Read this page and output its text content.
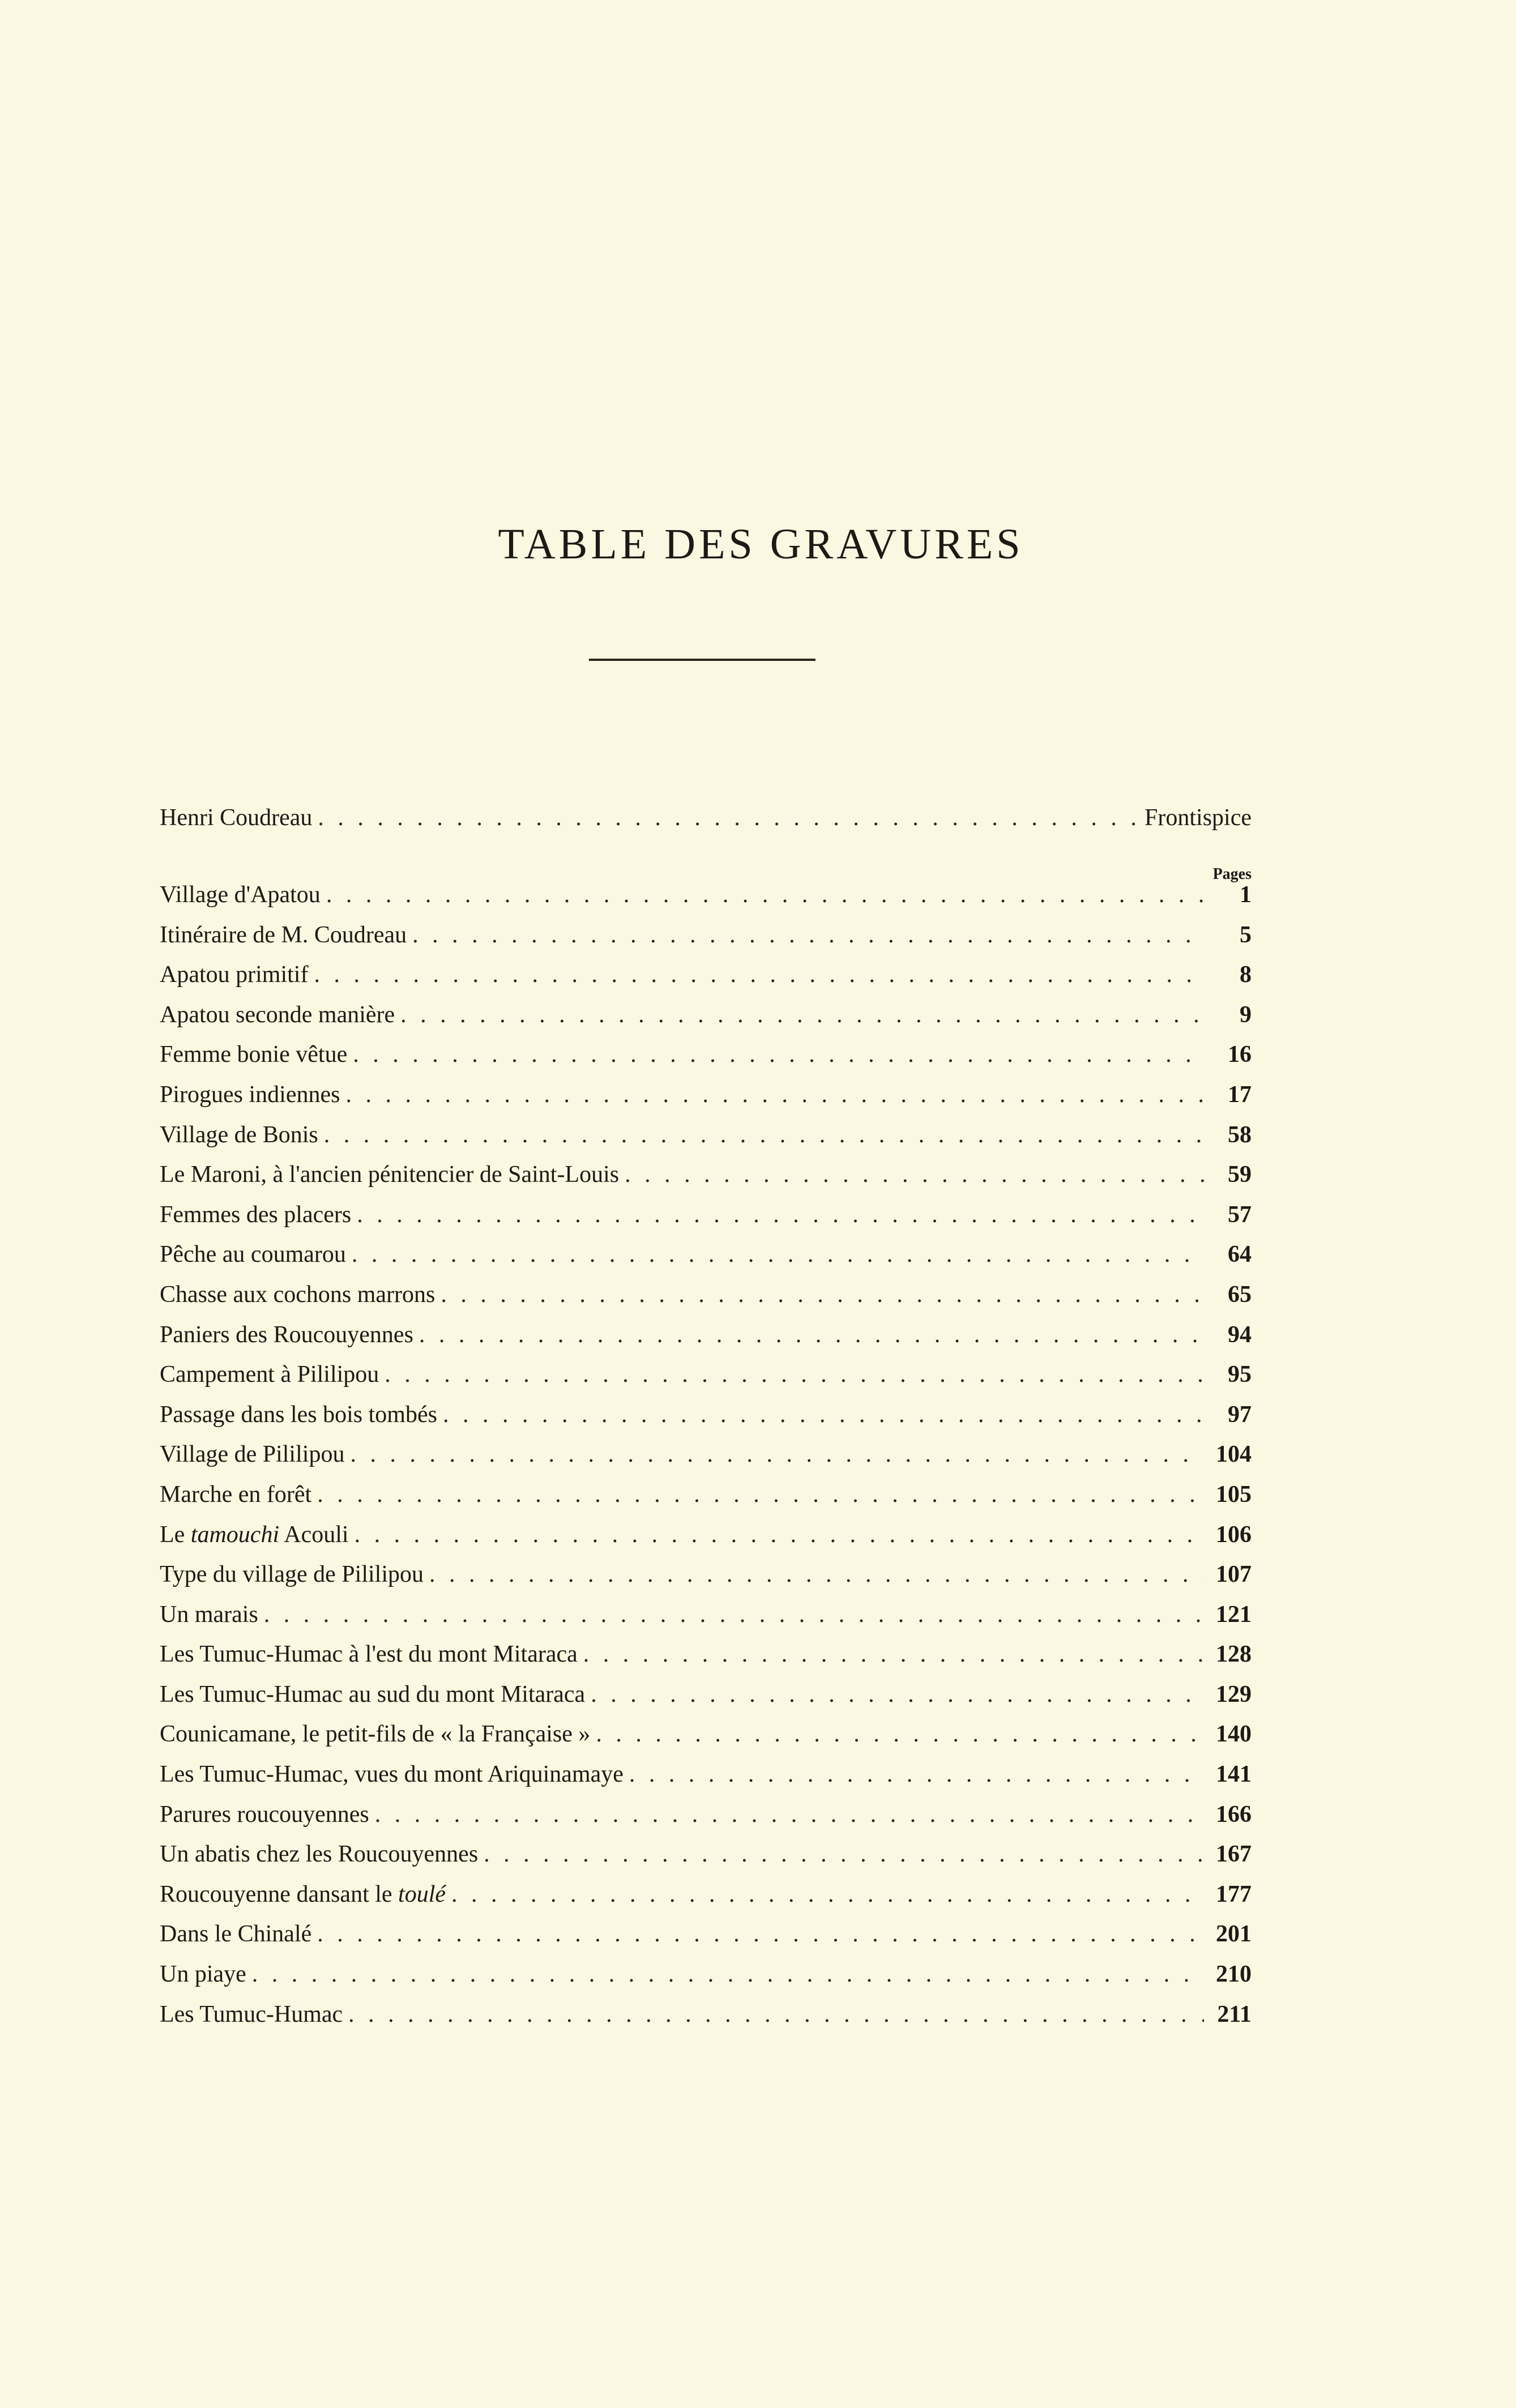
TABLE DES GRAVURES
Henri Coudreau . . .	Frontispice
Pages
Village d'Apatou . . .	1
Itinéraire de M. Coudreau . . .	5
Apatou primitif . . .	8
Apatou seconde manière . . .	9
Femme bonie vêtue . . .	16
Pirogues indiennes . . .	17
Village de Bonis . . .	58
Le Maroni, à l'ancien pénitencier de Saint-Louis . . .	59
Femmes des placers . . .	57
Pêche au coumarou . . .	64
Chasse aux cochons marrons . . .	65
Paniers des Roucouyennes . . .	94
Campement à Pililipou . . .	95
Passage dans les bois tombés . . .	97
Village de Pililipou . . .	104
Marche en forêt . . .	105
Le tamouchi Acouli . . .	106
Type du village de Pililipou . . .	107
Un marais . . .	121
Les Tumuc-Humac à l'est du mont Mitaraca . . .	128
Les Tumuc-Humac au sud du mont Mitaraca . . .	129
Counicamane, le petit-fils de « la Française » . . .	140
Les Tumuc-Humac, vues du mont Ariquinamaye . . .	141
Parures roucouyennes . . .	166
Un abatis chez les Roucouyennes . . .	167
Roucouyenne dansant le toulé . . .	177
Dans le Chinalé . . .	201
Un piaye . . .	210
Les Tumuc-Humac . . .	211
